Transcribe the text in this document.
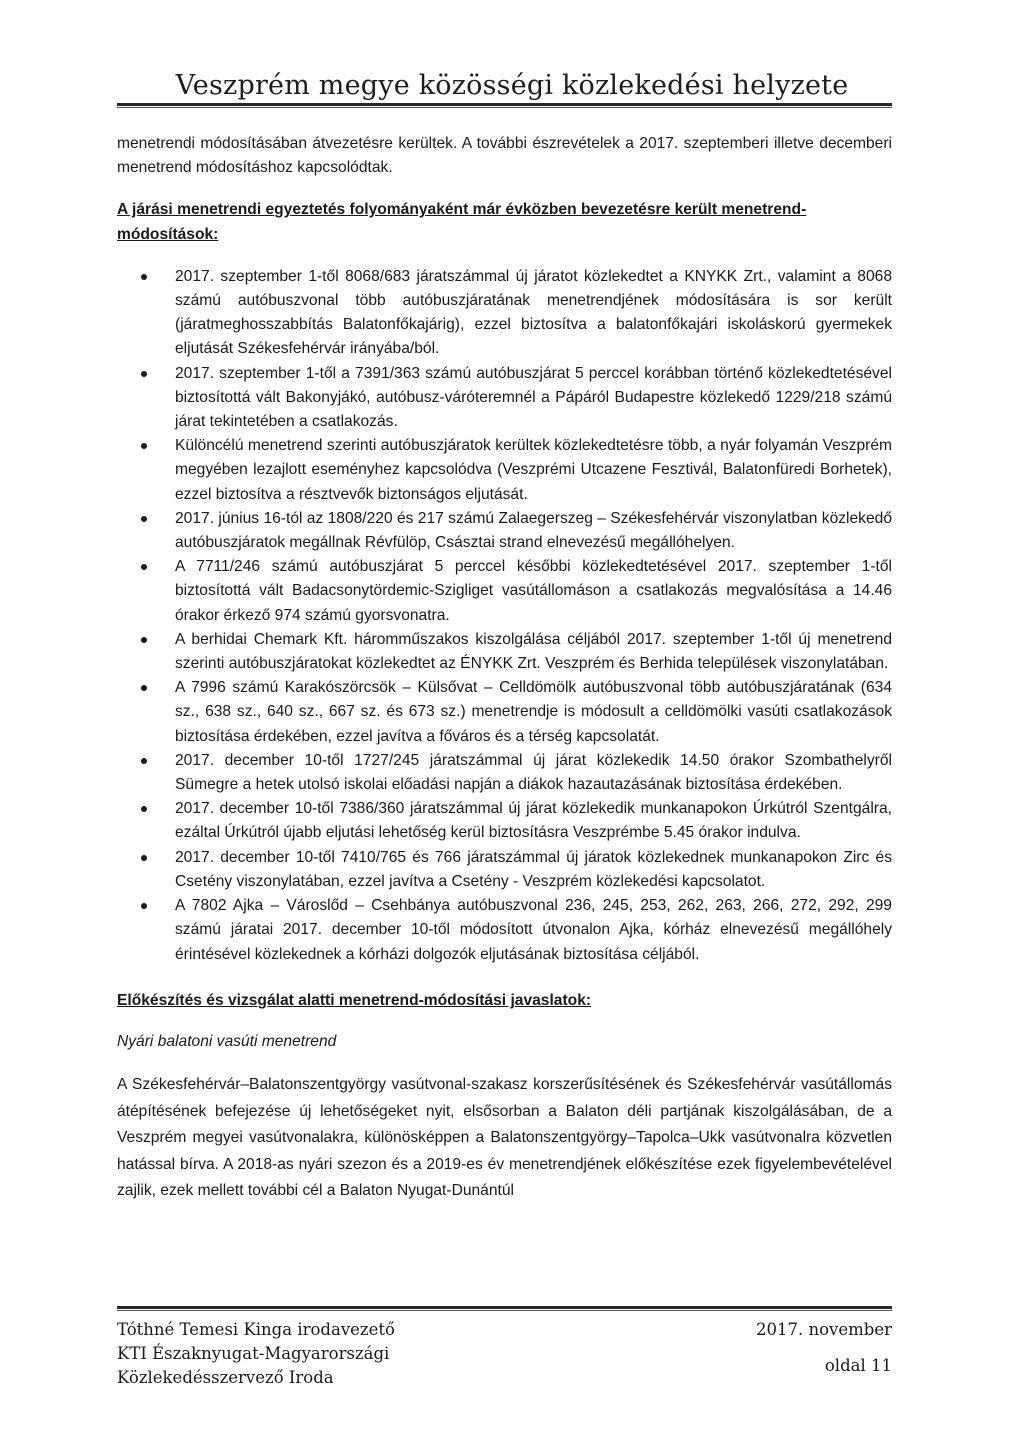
Veszprém megye közösségi közlekedési helyzete

menetrendi módosításában átvezetésre kerültek. A további észrevételek a 2017. szeptemberi illetve decemberi menetrend módosításhoz kapcsolódtak.

A járási menetrendi egyeztetés folyományaként már évközben bevezetésre került menetrend-módosítások:

2017. szeptember 1-től 8068/683 járatszámmal új járatot közlekedtet a KNYKK Zrt., valamint a 8068 számú autóbuszvonal több autóbuszjáratának menetrendjének módosítására is sor került (járatmeghosszabbítás Balatonfőkajárig), ezzel biztosítva a balatonfőkajári iskoláskorú gyermekek eljutását Székesfehérvár irányába/ból.
2017. szeptember 1-től a 7391/363 számú autóbuszjárat 5 perccel korábban történő közlekedtetésével biztosítottá vált Bakonyjákó, autóbusz-váróteremnél a Pápáról Budapestre közlekedő 1229/218 számú járat tekintetében a csatlakozás.
Különcélú menetrend szerinti autóbuszjáratok kerültek közlekedtetésre több, a nyár folyamán Veszprém megyében lezajlott eseményhez kapcsolódva (Veszprémi Utcazene Fesztivál, Balatonfüredi Borhetek), ezzel biztosítva a résztvevők biztonságos eljutását.
2017. június 16-tól az 1808/220 és 217 számú Zalaegerszeg – Székesfehérvár viszonylatban közlekedő autóbuszjáratok megállnak Révfülöp, Császtai strand elnevezésű megállóhelyen.
A 7711/246 számú autóbuszjárat 5 perccel későbbi közlekedtetésével 2017. szeptember 1-től biztosítottá vált Badacsonytördemic-Szigliget vasútállomáson a csatlakozás megvalósítása a 14.46 órakor érkező 974 számú gyorsvonatra.
A berhidai Chemark Kft. háromműszakos kiszolgálása céljából 2017. szeptember 1-től új menetrend szerinti autóbuszjáratokat közlekedtet az ÉNYKK Zrt. Veszprém és Berhida települések viszonylatában.
A 7996 számú Karakószörcsök – Külsővat – Celldömölk autóbuszvonal több autóbuszjáratának (634 sz., 638 sz., 640 sz., 667 sz. és 673 sz.) menetrendje is módosult a celldömölki vasúti csatlakozások biztosítása érdekében, ezzel javítva a főváros és a térség kapcsolatát.
2017. december 10-től 1727/245 járatszámmal új járat közlekedik 14.50 órakor Szombathelyről Sümegre a hetek utolsó iskolai előadási napján a diákok hazautazásának biztosítása érdekében.
2017. december 10-től 7386/360 járatszámmal új járat közlekedik munkanapokon Úrkútról Szentgálra, ezáltal Úrkútról újabb eljutási lehetőség kerül biztosításra Veszprémbe 5.45 órakor indulva.
2017. december 10-től 7410/765 és 766 járatszámmal új járatok közlekednek munkanapokon Zirc és Csetény viszonylatában, ezzel javítva a Csetény - Veszprém közlekedési kapcsolatot.
A 7802 Ajka – Városlőd – Csehbánya autóbuszvonal 236, 245, 253, 262, 263, 266, 272, 292, 299 számú járatai 2017. december 10-től módosított útvonalon Ajka, kórház elnevezésű megállóhely érintésével közlekednek a kórházi dolgozók eljutásának biztosítása céljából.

Előkészítés és vizsgálat alatti menetrend-módosítási javaslatok:

Nyári balatoni vasúti menetrend

A Székesfehérvár–Balatonszentgyörgy vasútvonal-szakasz korszerűsítésének és Székesfehérvár vasútállomás átépítésének befejezése új lehetőségeket nyit, elsősorban a Balaton déli partjának kiszolgálásában, de a Veszprém megyei vasútvonalakra, különösképpen a Balatonszentgyörgy–Tapolca–Ukk vasútvonalra közvetlen hatással bírva. A 2018-as nyári szezon és a 2019-es év menetrendjének előkészítése ezek figyelembevételével zajlik, ezek mellett további cél a Balaton Nyugat-Dunántúl

Tóthné Temesi Kinga irodavezető
KTI Északnyugat-Magyarországi
Közlekedésszervező Iroda
2017. november
oldal 11
